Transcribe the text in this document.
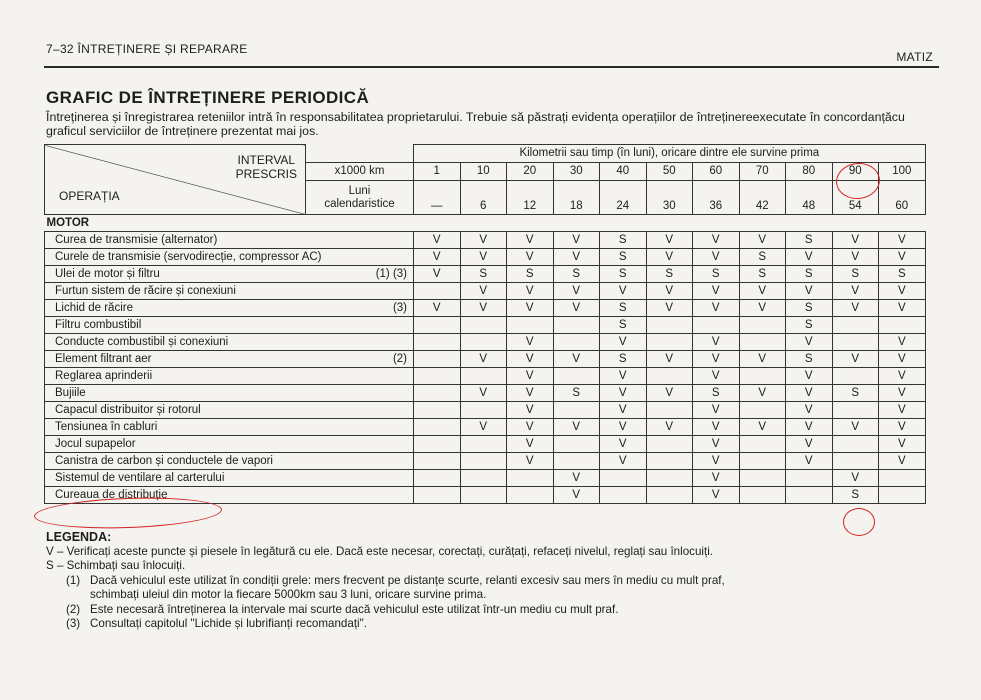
7–32 ÎNTREȚINERE ȘI REPARARE
MATIZ
GRAFIC DE ÎNTREȚINERE PERIODICĂ
Întreținerea și înregistrarea reteniilor intră în responsabilitatea proprietarului. Trebuie să păstrați evidența operațiilor de întreținereexecutate în concordanțăcu graficul serviciilor de întreținere prezentat mai jos.
INTERVAL
PRESCRIS
OPERAȚIA		Kilometrii sau timp (în luni), oricare dintre ele survine prima										
	x1000 km	1	10	20	30	40	50	60	70	80	90	100

	Luni
calendaristice	—	6	12	18	24	30	36	42	48	54	60
MOTOR												
Curea de transmisie (alternator)		V	V	V	V	S	V	V	V	S	V	V
Curele de transmisie (servodirecție, compressor AC)		V	V	V	V	S	V	V	S	V	V	V
Ulei de motor și filtru (1) (3)		V	S	S	S	S	S	S	S	S	S	S
Furtun sistem de răcire și conexiuni			V	V	V	V	V	V	V	V	V	V
Lichid de răcire (3)		V	V	V	V	S	V	V	V	S	V	V
Filtru combustibil						S				S		
Conducte combustibil și conexiuni				V		V		V		V		V
Element filtrant aer (2)			V	V	V	S	V	V	V	S	V	V
Reglarea aprinderii				V		V		V		V		V
Bujiile			V	V	S	V	V	S	V	V	S	V
Capacul distribuitor și rotorul				V		V		V		V		V
Tensiunea în cabluri			V	V	V	V	V	V	V	V	V	V
Jocul supapelor				V		V		V		V		V
Canistra de carbon și conductele de vapori				V		V		V		V		V
Sistemul de ventilare al carterului					V			V			V	
Cureaua de distribuție					V			V			S	
LEGENDA:
V – Verificați aceste puncte și piesele în legătură cu ele. Dacă este necesar, corectați, curățați, refaceți nivelul, reglați sau înlocuiți.
S – Schimbați sau înlocuiți.
(1) Dacă vehiculul este utilizat în condiții grele: mers frecvent pe distanțe scurte, relanti excesiv sau mers în mediu cu mult praf,
schimbați uleiul din motor la fiecare 5000km sau 3 luni, oricare survine prima.
(2) Este necesară întreținerea la intervale mai scurte dacă vehiculul este utilizat într-un mediu cu mult praf.
(3) Consultați capitolul "Lichide și lubrifianți recomandați".
